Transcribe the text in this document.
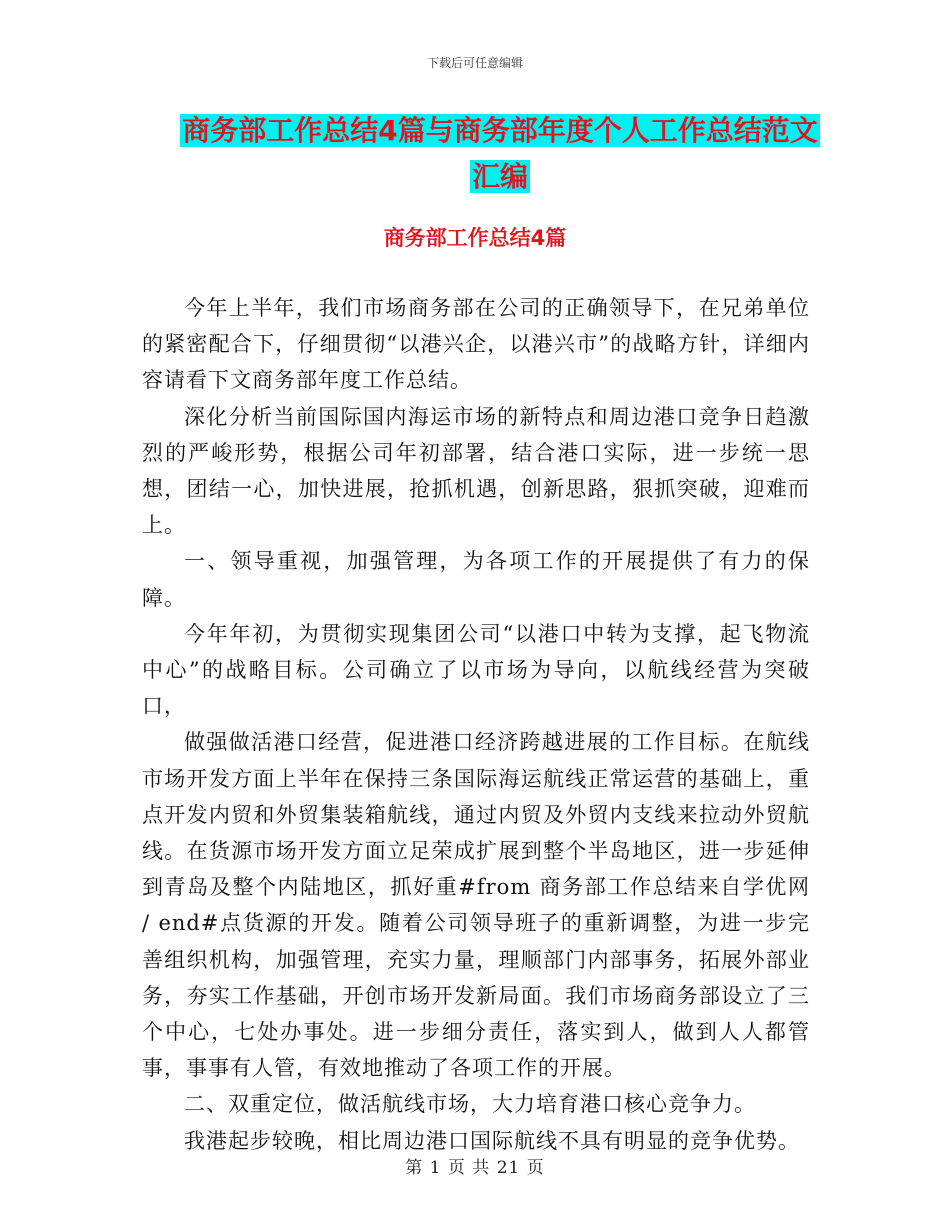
下载后可任意编辑
商务部工作总结4篇与商务部年度个人工作总结范文
汇编
商务部工作总结4篇

今年上半年，我们市场商务部在公司的正确领导下，在兄弟单位的紧密配合下，仔细贯彻“以港兴企，以港兴市”的战略方针，详细内容请看下文商务部年度工作总结。

深化分析当前国际国内海运市场的新特点和周边港口竞争日趋激烈的严峻形势，根据公司年初部署，结合港口实际，进一步统一思想，团结一心，加快进展，抢抓机遇，创新思路，狠抓突破，迎难而上。

一、领导重视，加强管理，为各项工作的开展提供了有力的保障。

今年年初，为贯彻实现集团公司“以港口中转为支撑，起飞物流中心”的战略目标。公司确立了以市场为导向，以航线经营为突破口，

做强做活港口经营，促进港口经济跨越进展的工作目标。在航线市场开发方面上半年在保持三条国际海运航线正常运营的基础上，重点开发内贸和外贸集装箱航线，通过内贸及外贸内支线来拉动外贸航线。在货源市场开发方面立足荣成扩展到整个半岛地区，进一步延伸到青岛及整个内陆地区，抓好重#from 商务部工作总结来自学优网 / end#点货源的开发。随着公司领导班子的重新调整，为进一步完善组织机构，加强管理，充实力量，理顺部门内部事务，拓展外部业务，夯实工作基础，开创市场开发新局面。我们市场商务部设立了三个中心，七处办事处。进一步细分责任，落实到人，做到人人都管事，事事有人管，有效地推动了各项工作的开展。

二、双重定位，做活航线市场，大力培育港口核心竞争力。

我港起步较晚，相比周边港口国际航线不具有明显的竞争优势。

第 1 页 共 21 页
